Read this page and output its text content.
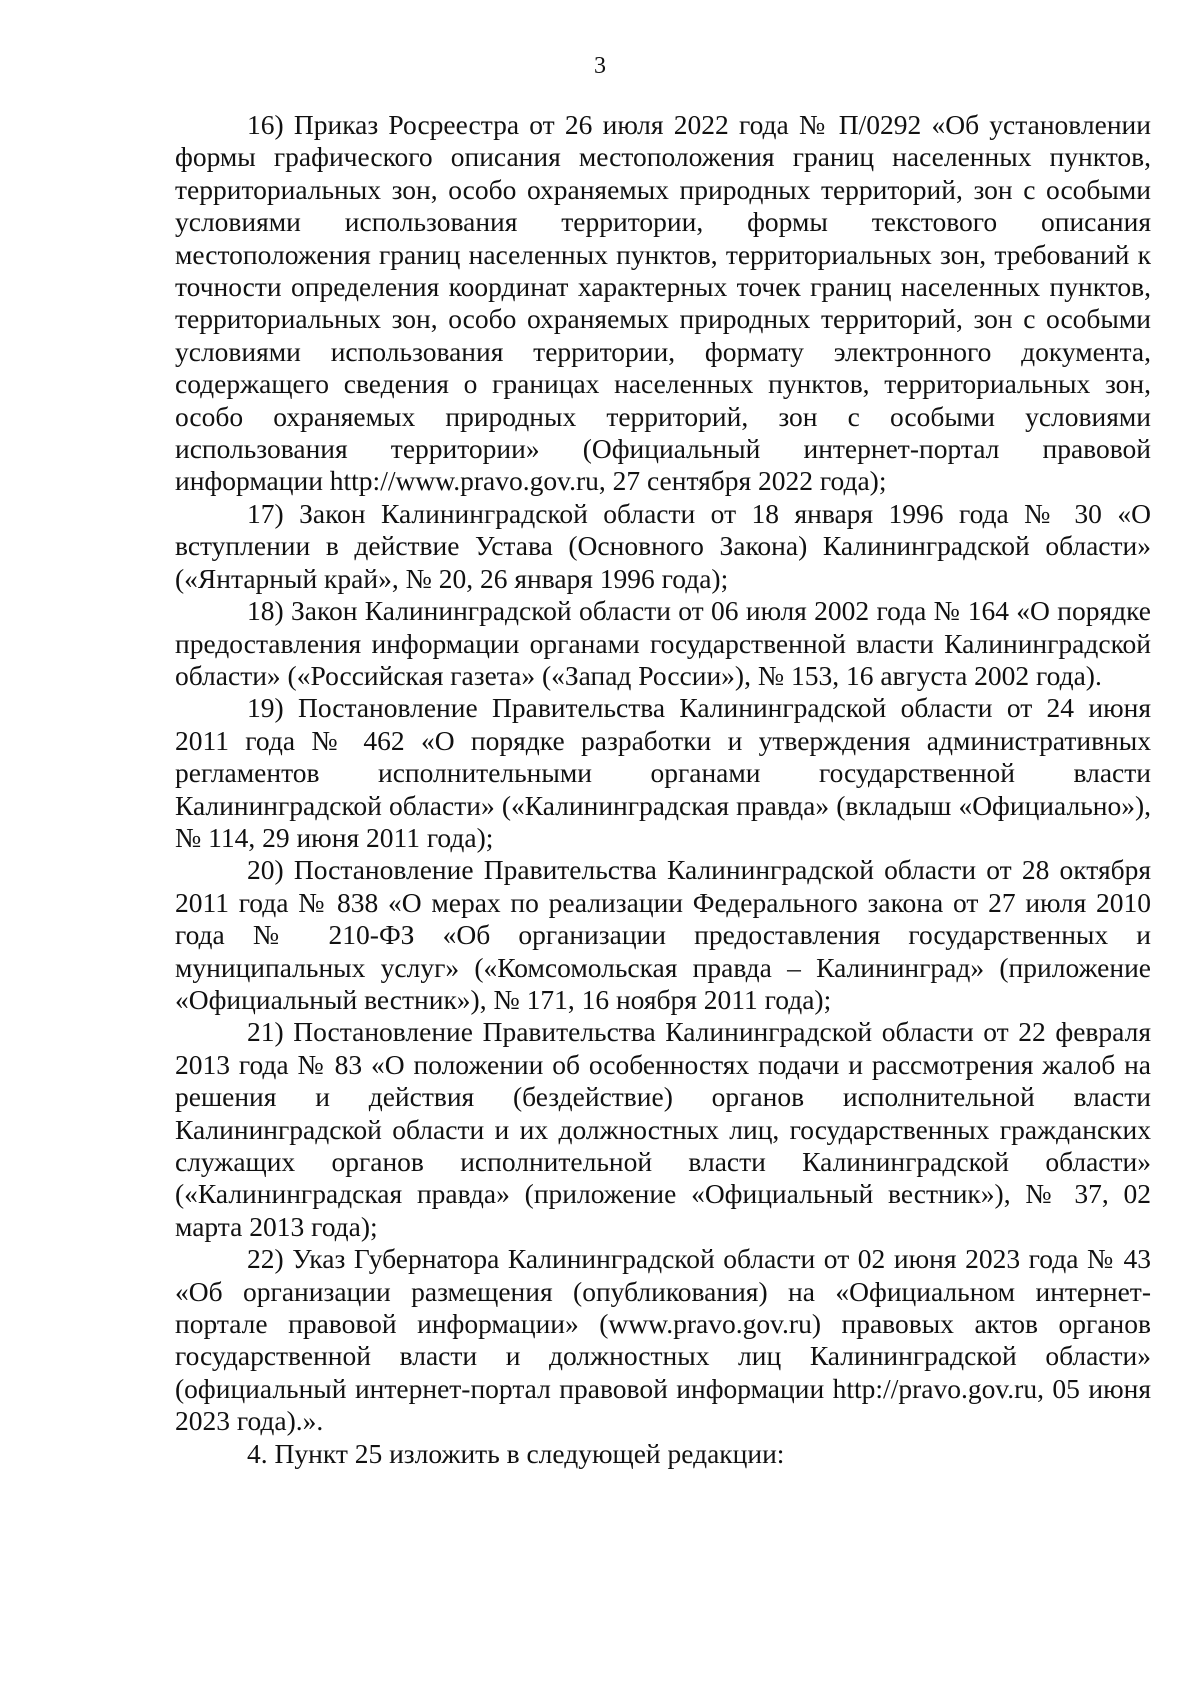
3

16) Приказ Росреестра от 26 июля 2022 года № П/0292 «Об установлении формы графического описания местоположения границ населенных пунктов, территориальных зон, особо охраняемых природных территорий, зон с особыми условиями использования территории, формы текстового описания местоположения границ населенных пунктов, территориальных зон, требований к точности определения координат характерных точек границ населенных пунктов, территориальных зон, особо охраняемых природных территорий, зон с особыми условиями использования территории, формату электронного документа, содержащего сведения о границах населенных пунктов, территориальных зон, особо охраняемых природных территорий, зон с особыми условиями использования территории» (Официальный интернет-портал правовой информации http://www.pravo.gov.ru, 27 сентября 2022 года);

17) Закон Калининградской области от 18 января 1996 года № 30 «О вступлении в действие Устава (Основного Закона) Калининградской области» («Янтарный край», № 20, 26 января 1996 года);

18) Закон Калининградской области от 06 июля 2002 года № 164 «О порядке предоставления информации органами государственной власти Калининградской области» («Российская газета» («Запад России»), № 153, 16 августа 2002 года).

19) Постановление Правительства Калининградской области от 24 июня 2011 года № 462 «О порядке разработки и утверждения административных регламентов исполнительными органами государственной власти Калининградской области» («Калининградская правда» (вкладыш «Официально»), № 114, 29 июня 2011 года);

20) Постановление Правительства Калининградской области от 28 октября 2011 года № 838 «О мерах по реализации Федерального закона от 27 июля 2010 года № 210-ФЗ «Об организации предоставления государственных и муниципальных услуг» («Комсомольская правда – Калининград» (приложение «Официальный вестник»), № 171, 16 ноября 2011 года);

21) Постановление Правительства Калининградской области от 22 февраля 2013 года № 83 «О положении об особенностях подачи и рассмотрения жалоб на решения и действия (бездействие) органов исполнительной власти Калининградской области и их должностных лиц, государственных гражданских служащих органов исполнительной власти Калининградской области» («Калининградская правда» (приложение «Официальный вестник»), № 37, 02 марта 2013 года);

22) Указ Губернатора Калининградской области от 02 июня 2023 года № 43 «Об организации размещения (опубликования) на «Официальном интернет-портале правовой информации» (www.pravo.gov.ru) правовых актов органов государственной власти и должностных лиц Калининградской области» (официальный интернет-портал правовой информации http://pravo.gov.ru, 05 июня 2023 года).».

4. Пункт 25 изложить в следующей редакции:
